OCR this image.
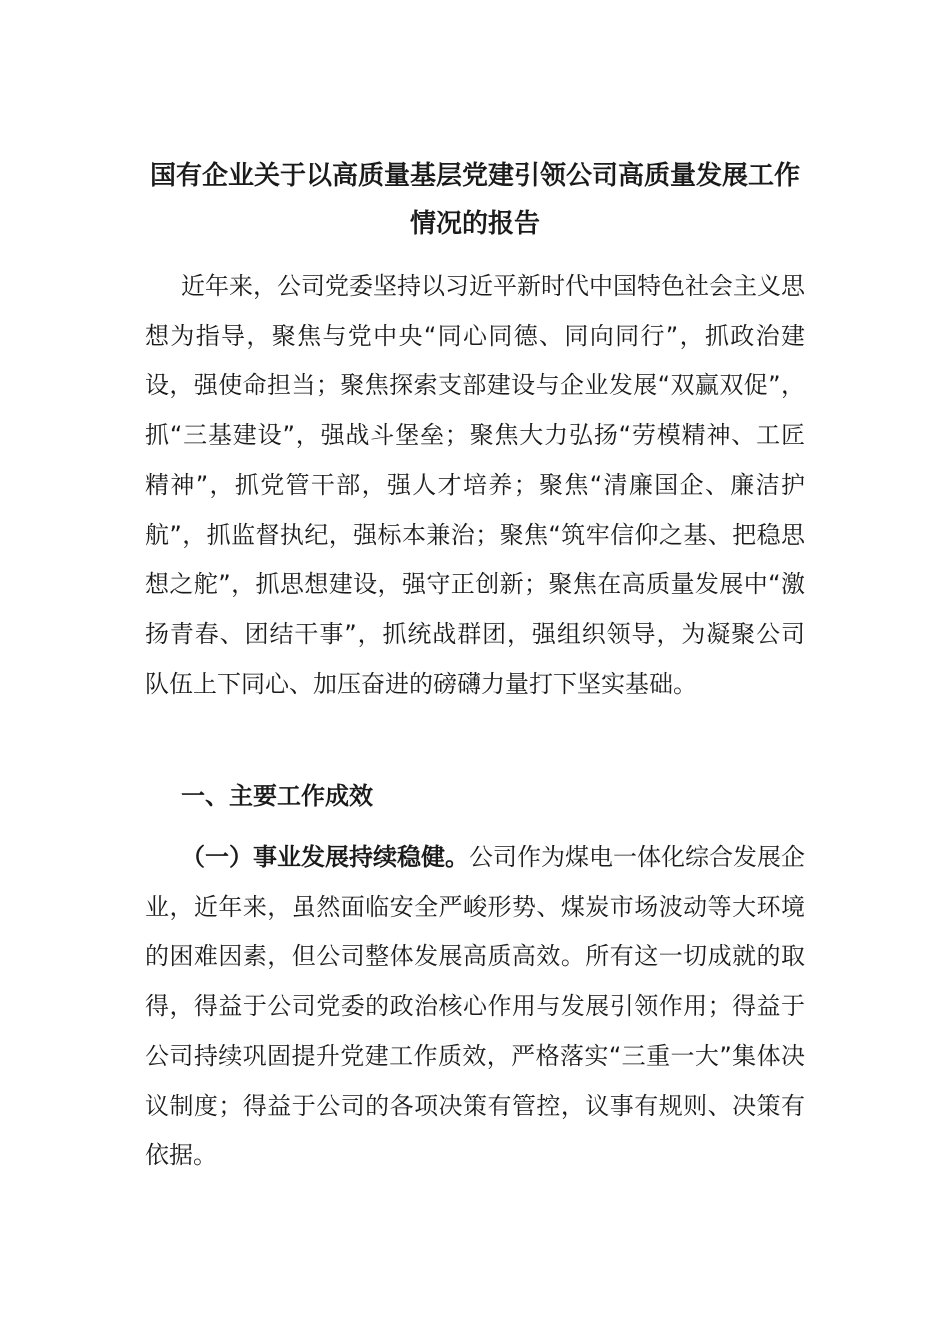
国有企业关于以高质量基层党建引领公司高质量发展工作
情况的报告

近年来，公司党委坚持以习近平新时代中国特色社会主义思想为指导，聚焦与党中央“同心同德、同向同行”，抓政治建设，强使命担当；聚焦探索支部建设与企业发展“双赢双促”，抓“三基建设”，强战斗堡垒；聚焦大力弘扬“劳模精神、工匠精神”，抓党管干部，强人才培养；聚焦“清廉国企、廉洁护航”，抓监督执纪，强标本兼治；聚焦“筑牢信仰之基、把稳思想之舵”，抓思想建设，强守正创新；聚焦在高质量发展中“激扬青春、团结干事”，抓统战群团，强组织领导，为凝聚公司队伍上下同心、加压奋进的磅礴力量打下坚实基础。

一、主要工作成效

（一）事业发展持续稳健。公司作为煤电一体化综合发展企业，近年来，虽然面临安全严峻形势、煤炭市场波动等大环境的困难因素，但公司整体发展高质高效。所有这一切成就的取得，得益于公司党委的政治核心作用与发展引领作用；得益于公司持续巩固提升党建工作质效，严格落实“三重一大”集体决议制度；得益于公司的各项决策有管控，议事有规则、决策有依据。
